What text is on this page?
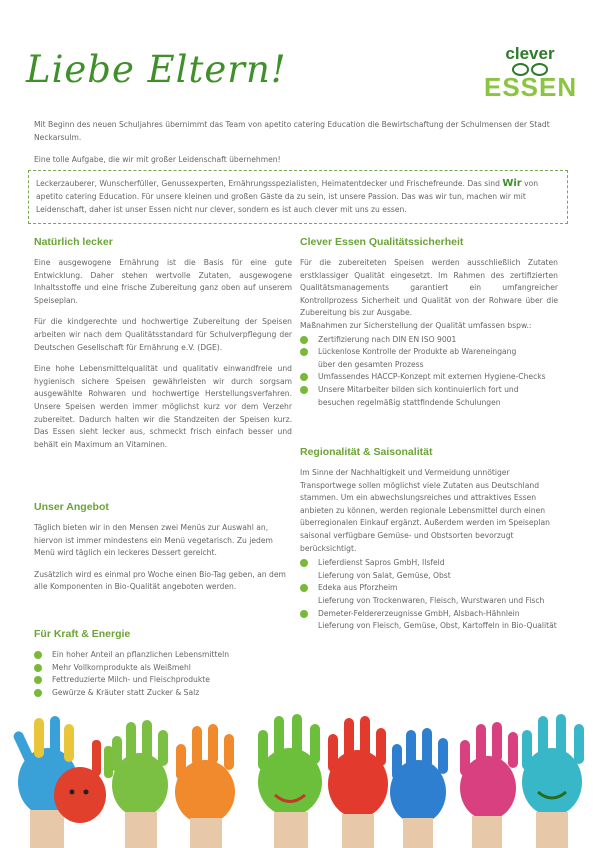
Liebe Eltern!	clever
ESSEN
Mit Beginn des neuen Schuljahres übernimmt das Team von apetito catering Education die Bewirtschaftung der Schulmensen der Stadt Neckarsulm.
Eine tolle Aufgabe, die wir mit großer Leidenschaft übernehmen!
Leckerzauberer, Wunscherfüller, Genussexperten, Ernährungsspezialisten, Heimatentdecker und Frischefreunde. Das sind Wir von apetito catering Education. Für unsere kleinen und großen Gäste da zu sein, ist unsere Passion. Das was wir tun, machen wir mit Leidenschaft, daher ist unser Essen nicht nur clever, sondern es ist auch clever mit uns zu essen.
Natürlich lecker

Eine ausgewogene Ernährung ist die Basis für eine gute Entwicklung. Daher stehen wertvolle Zutaten, ausgewogene Inhaltsstoffe und eine frische Zubereitung ganz oben auf unserem Speiseplan.

Für die kindgerechte und hochwertige Zubereitung der Speisen arbeiten wir nach dem Qualitätsstandard für Schulverpflegung der Deutschen Gesellschaft für Ernährung e.V. (DGE).

Eine hohe Lebensmittelqualität und qualitativ einwandfreie und hygienisch sichere Speisen gewährleisten wir durch sorgsam ausgewählte Rohwaren und hochwertige Herstellungsverfahren. Unsere Speisen werden immer möglichst kurz vor dem Verzehr zubereitet. Dadurch halten wir die Standzeiten der Speisen kurz. Das Essen sieht lecker aus, schmeckt frisch einfach besser und behält ein Maximum an Vitaminen.

Unser Angebot

Täglich bieten wir in den Mensen zwei Menüs zur Auswahl an, hiervon ist immer mindestens ein Menü vegetarisch. Zu jedem Menü wird täglich ein leckeres Dessert gereicht.

Zusätzlich wird es einmal pro Woche einen Bio-Tag geben, an dem alle Komponenten in Bio-Qualität angeboten werden.

Für Kraft & Energie
Ein hoher Anteil an pflanzlichen Lebensmitteln
Mehr Vollkornprodukte als Weißmehl
Fettreduzierte Milch- und Fleischprodukte
Gewürze & Kräuter statt Zucker & Salz
Clever Essen Qualitätssicherheit

Für die zubereiteten Speisen werden ausschließlich Zutaten erstklassiger Qualität eingesetzt. Im Rahmen des zertifizierten Qualitätsmanagements garantiert ein umfangreicher Kontrollprozess Sicherheit und Qualität von der Rohware über die Zubereitung bis zur Ausgabe.

Maßnahmen zur Sicherstellung der Qualität umfassen bspw.:

Zertifizierung nach DIN EN ISO 9001
Lückenlose Kontrolle der Produkte ab Wareneingang
über den gesamten Prozess
Umfassendes HACCP-Konzept mit externen Hygiene-Checks
Unsere Mitarbeiter bilden sich kontinuierlich fort und
besuchen regelmäßig stattfindende Schulungen
Regionalität & Saisonalität

Im Sinne der Nachhaltigkeit und Vermeidung unnötiger Transportwege sollen möglichst viele Zutaten aus Deutschland stammen. Um ein abwechslungsreiches und attraktives Essen anbieten zu können, werden regionale Lebensmittel durch einen überregionalen Einkauf ergänzt. Außerdem werden im Speiseplan saisonal verfügbare Gemüse- und Obstsorten bevorzugt berücksichtigt.

Lieferdienst Sapros GmbH, Ilsfeld
Lieferung von Salat, Gemüse, Obst
Edeka aus Pforzheim
Lieferung von Trockenwaren, Fleisch, Wurstwaren und Fisch
Demeter-Feldererzeugnisse GmbH, Alsbach-Hähnlein
Lieferung von Fleisch, Gemüse, Obst, Kartoffeln in Bio-Qualität
